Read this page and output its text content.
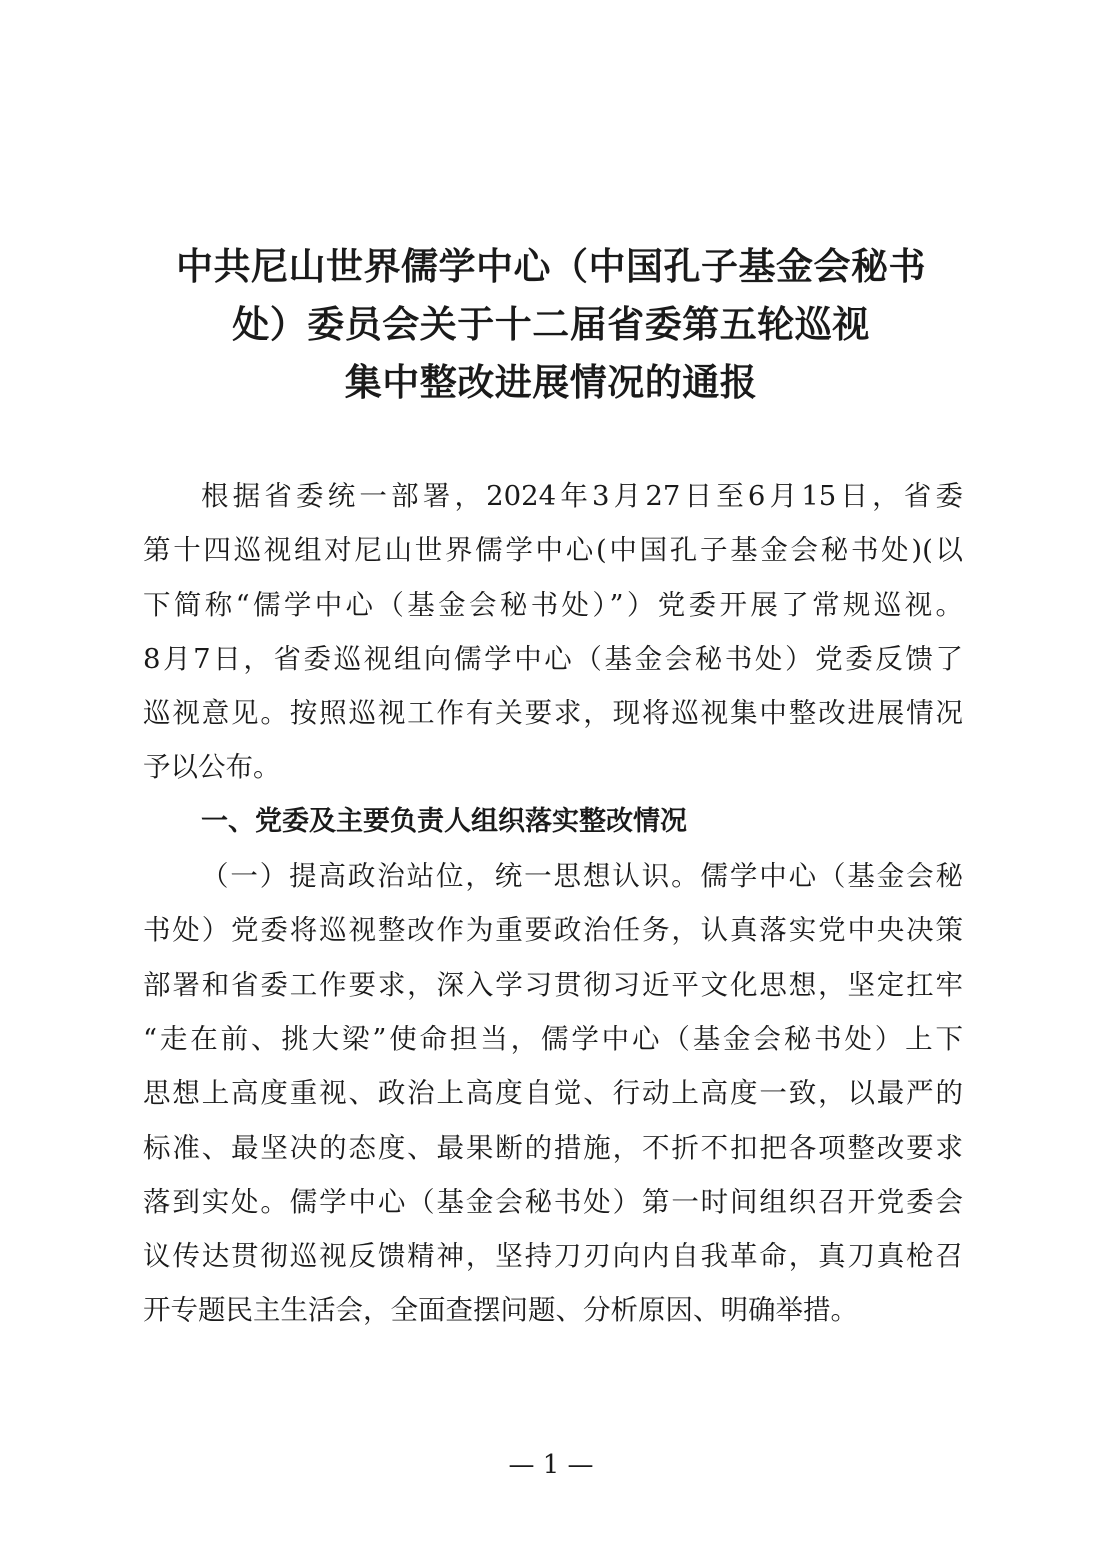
中共尼山世界儒学中心（中国孔子基金会秘书
处）委员会关于十二届省委第五轮巡视
集中整改进展情况的通报
根据省委统一部署，2024年3月27日至6月15日，省委
第十四巡视组对尼山世界儒学中心(中国孔子基金会秘书处)(以
下简称“儒学中心（基金会秘书处）”）党委开展了常规巡视。
8月7日，省委巡视组向儒学中心（基金会秘书处）党委反馈了
巡视意见。按照巡视工作有关要求，现将巡视集中整改进展情况
予以公布。
一、党委及主要负责人组织落实整改情况
（一）提高政治站位，统一思想认识。儒学中心（基金会秘
书处）党委将巡视整改作为重要政治任务，认真落实党中央决策
部署和省委工作要求，深入学习贯彻习近平文化思想，坚定扛牢
“走在前、挑大梁”使命担当，儒学中心（基金会秘书处）上下
思想上高度重视、政治上高度自觉、行动上高度一致，以最严的
标准、最坚决的态度、最果断的措施，不折不扣把各项整改要求
落到实处。儒学中心（基金会秘书处）第一时间组织召开党委会
议传达贯彻巡视反馈精神，坚持刀刃向内自我革命，真刀真枪召
开专题民主生活会，全面查摆问题、分析原因、明确举措。
— 1 —
